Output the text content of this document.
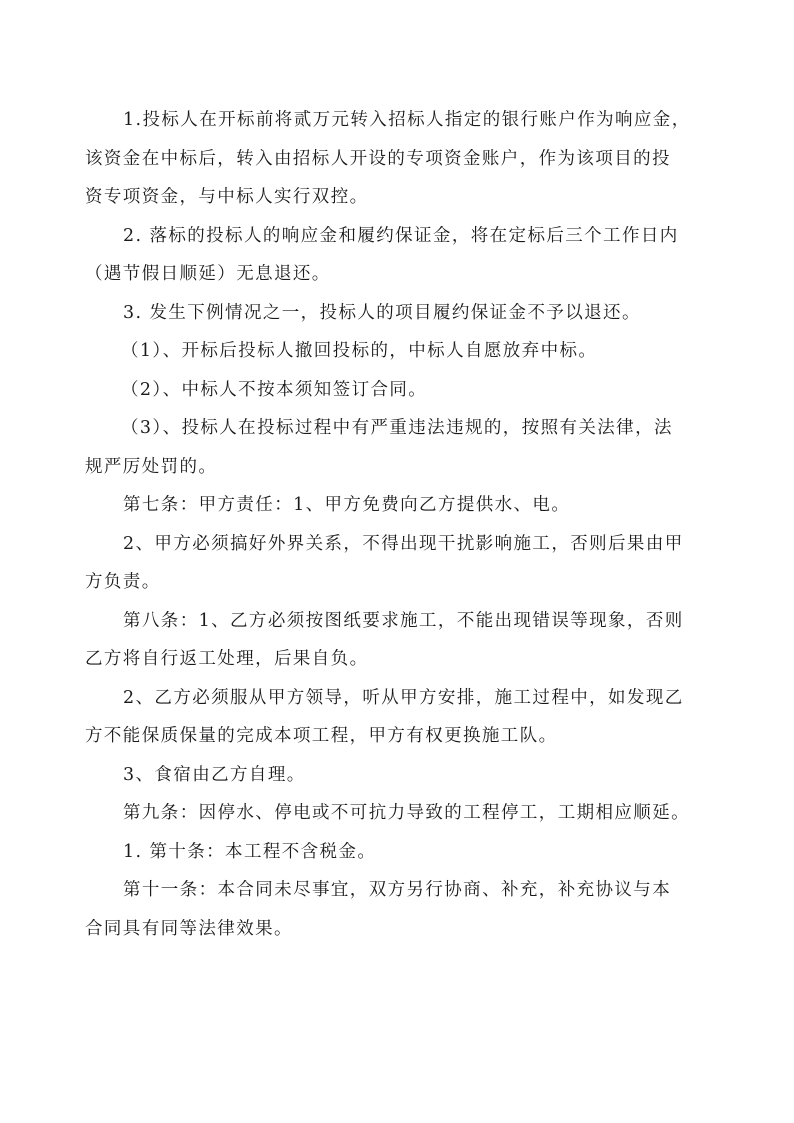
1.投标人在开标前将贰万元转入招标人指定的银行账户作为响应金，
该资金在中标后，转入由招标人开设的专项资金账户，作为该项目的投
资专项资金，与中标人实行双控。
2. 落标的投标人的响应金和履约保证金，将在定标后三个工作日内
（遇节假日顺延）无息退还。
3. 发生下例情况之一，投标人的项目履约保证金不予以退还。
（1）、开标后投标人撤回投标的，中标人自愿放弃中标。
（2）、中标人不按本须知签订合同。
（3）、投标人在投标过程中有严重违法违规的，按照有关法律，法
规严厉处罚的。
第七条：甲方责任：1、甲方免费向乙方提供水、电。
2、甲方必须搞好外界关系，不得出现干扰影响施工，否则后果由甲
方负责。
第八条：1、乙方必须按图纸要求施工，不能出现错误等现象，否则
乙方将自行返工处理，后果自负。
2、乙方必须服从甲方领导，听从甲方安排，施工过程中，如发现乙
方不能保质保量的完成本项工程，甲方有权更换施工队。
3、食宿由乙方自理。
第九条：因停水、停电或不可抗力导致的工程停工，工期相应顺延。
1. 第十条：本工程不含税金。
第十一条：本合同未尽事宜，双方另行协商、补充，补充协议与本
合同具有同等法律效果。
